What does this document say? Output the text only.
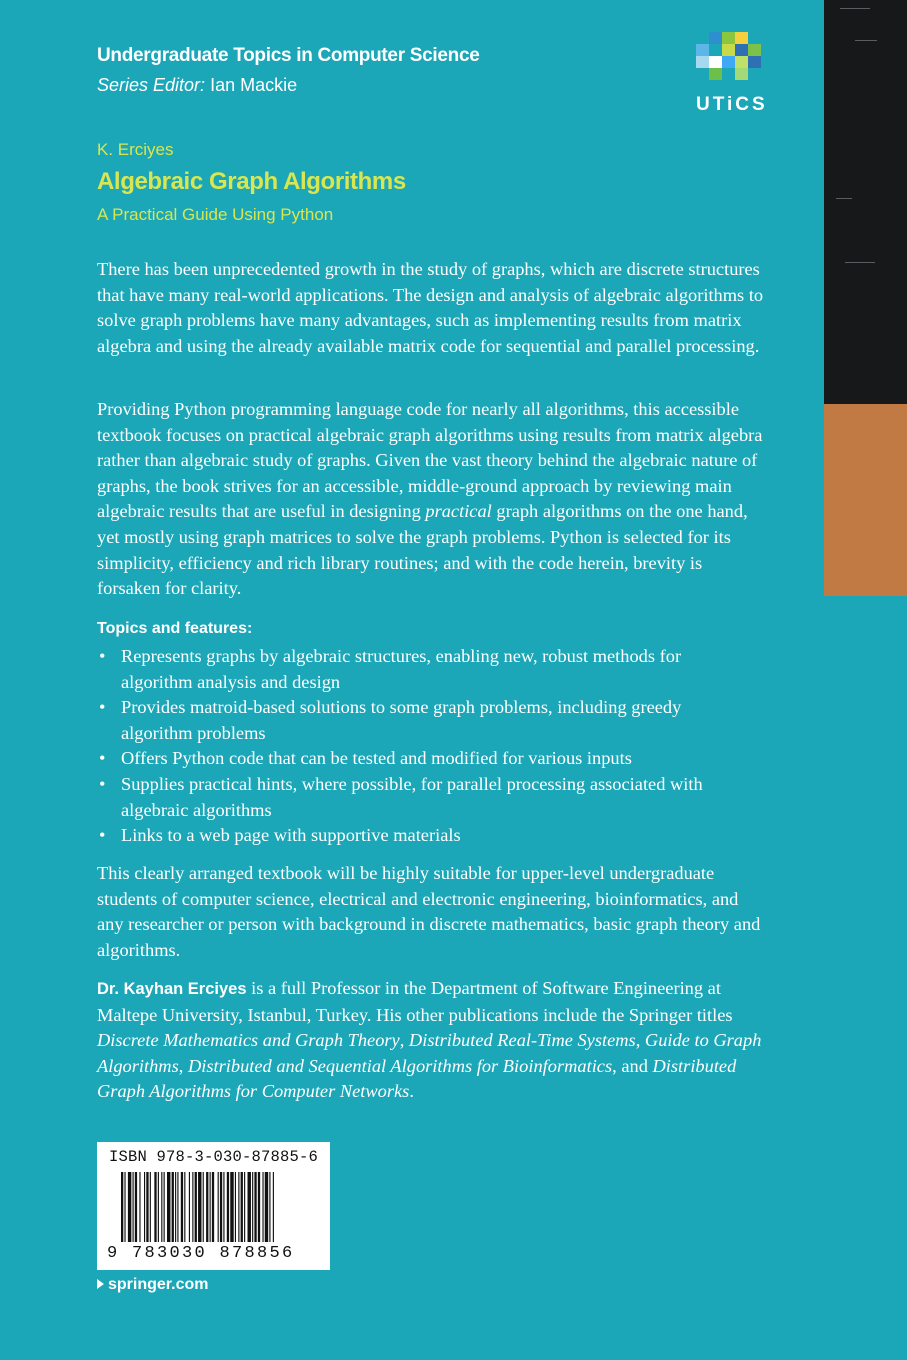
Undergraduate Topics in Computer Science
Series Editor: Ian Mackie
UTiCS
K. Erciyes
Algebraic Graph Algorithms
A Practical Guide Using Python

There has been unprecedented growth in the study of graphs, which are discrete structures that have many real-world applications. The design and analysis of algebraic algorithms to solve graph problems have many advantages, such as implementing results from matrix algebra and using the already available matrix code for sequential and parallel processing.

Providing Python programming language code for nearly all algorithms, this accessible textbook focuses on practical algebraic graph algorithms using results from matrix algebra rather than algebraic study of graphs. Given the vast theory behind the algebraic nature of graphs, the book strives for an accessible, middle-ground approach by reviewing main algebraic results that are useful in designing practical graph algorithms on the one hand, yet mostly using graph matrices to solve the graph problems. Python is selected for its simplicity, efficiency and rich library routines; and with the code herein, brevity is forsaken for clarity.

Topics and features:
• Represents graphs by algebraic structures, enabling new, robust methods for algorithm analysis and design
• Provides matroid-based solutions to some graph problems, including greedy algorithm problems
• Offers Python code that can be tested and modified for various inputs
• Supplies practical hints, where possible, for parallel processing associated with algebraic algorithms
• Links to a web page with supportive materials

This clearly arranged textbook will be highly suitable for upper-level undergraduate students of computer science, electrical and electronic engineering, bioinformatics, and any researcher or person with background in discrete mathematics, basic graph theory and algorithms.

Dr. Kayhan Erciyes is a full Professor in the Department of Software Engineering at Maltepe University, Istanbul, Turkey. His other publications include the Springer titles Discrete Mathematics and Graph Theory, Distributed Real-Time Systems, Guide to Graph Algorithms, Distributed and Sequential Algorithms for Bioinformatics, and Distributed Graph Algorithms for Computer Networks.

ISBN 978-3-030-87885-6
9 783030 878856
springer.com
